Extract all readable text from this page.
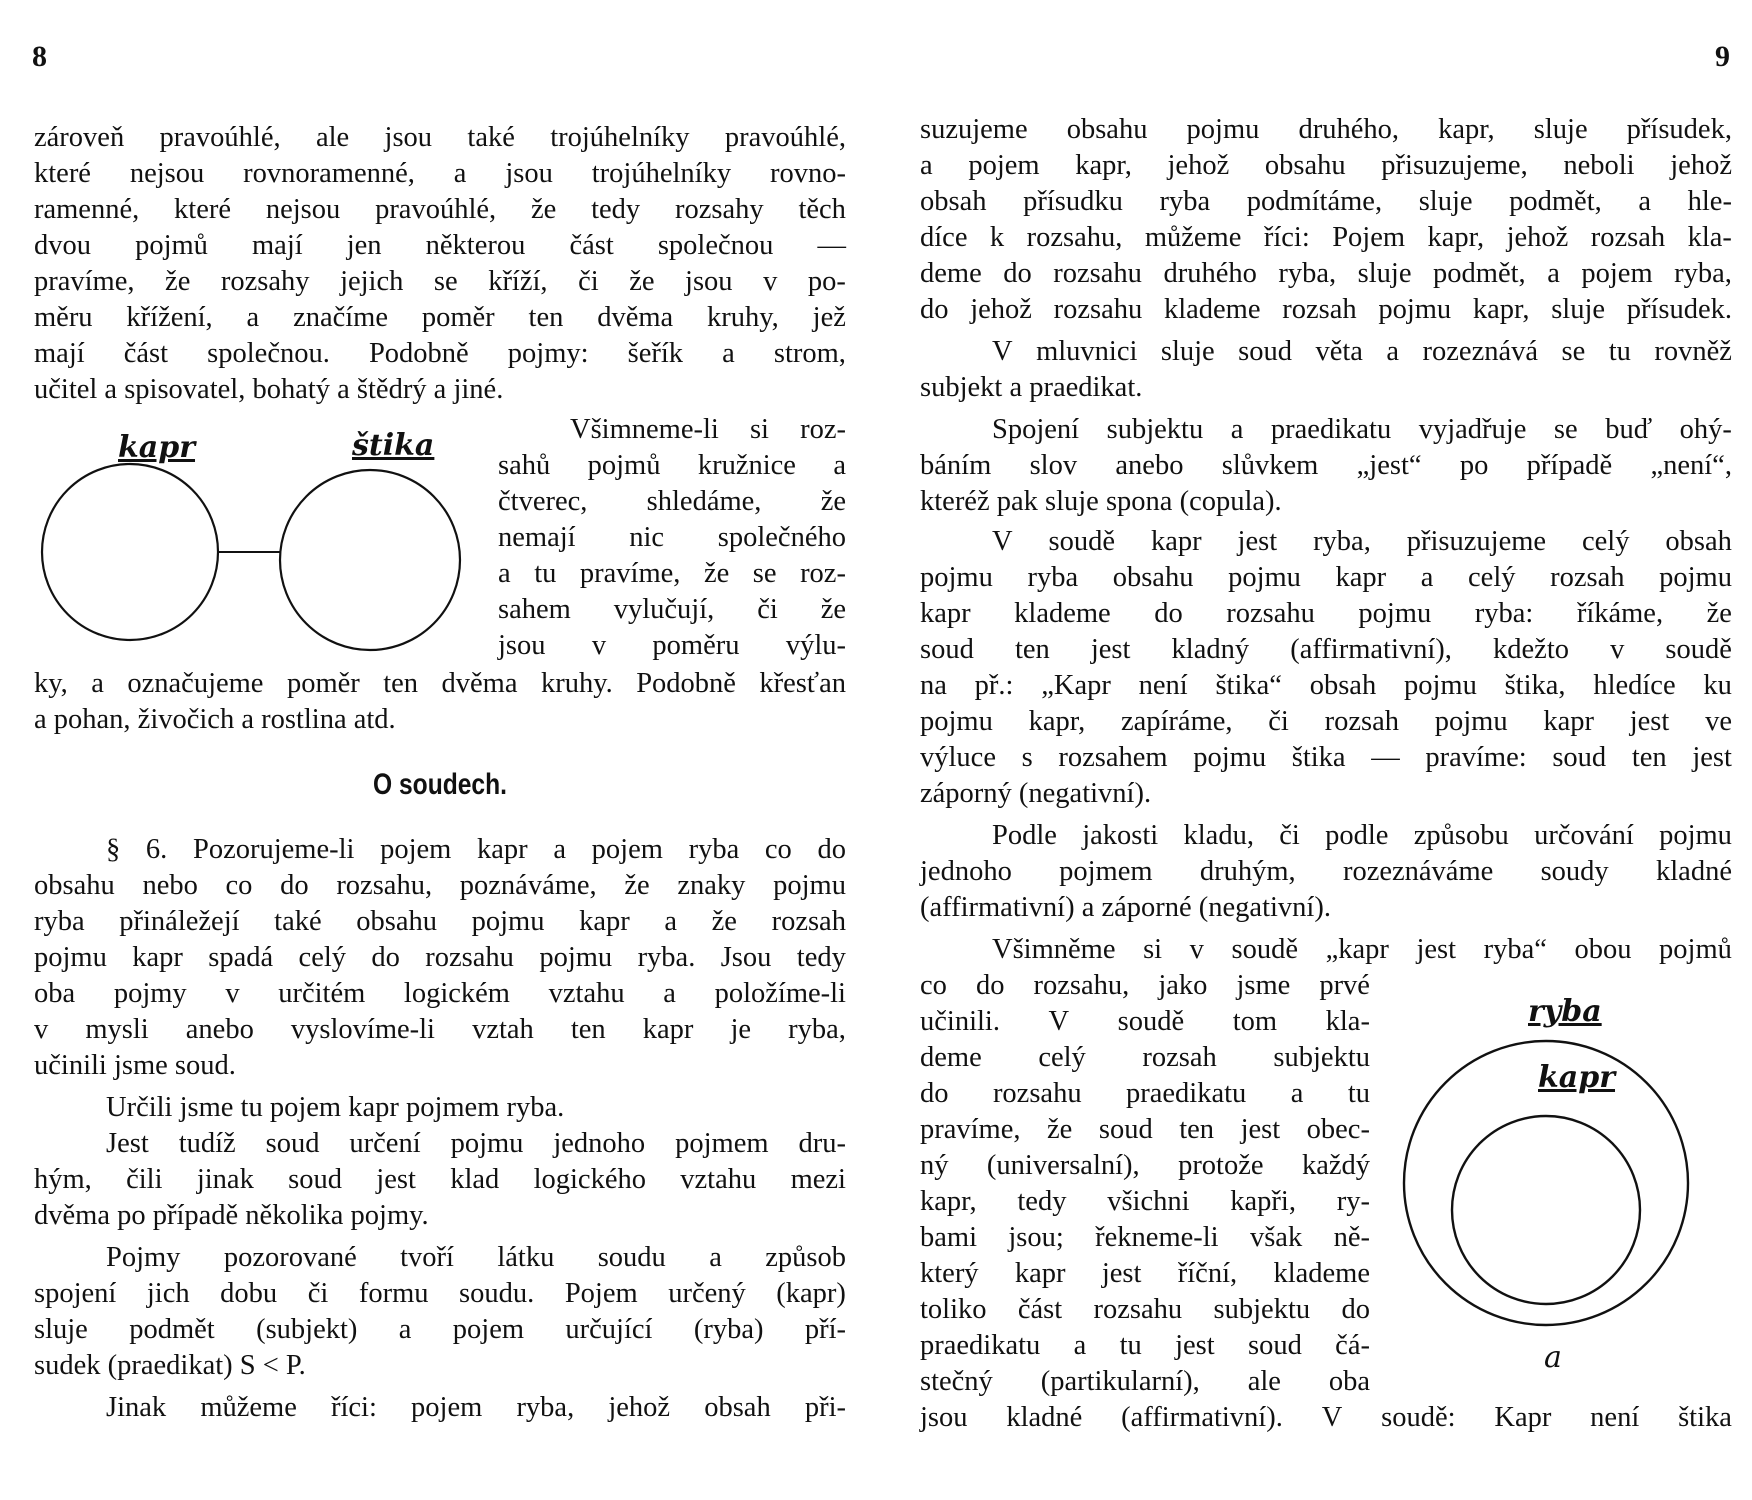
8
zároveň pravoúhlé, ale jsou také trojúhelníky pravoúhlé,
které nejsou rovnoramenné, a jsou trojúhelníky rovno-
ramenné, které nejsou pravoúhlé, že tedy rozsahy těch
dvou pojmů mají jen některou část společnou —
pravíme, že rozsahy jejich se kříží, či že jsou v po-
měru křížení, a značíme poměr ten dvěma kruhy, jež
mají část společnou. Podobně pojmy: šeřík a strom,
učitel a spisovatel, bohatý a štědrý a jiné.
Všimneme-li si roz-
sahů pojmů kružnice a
čtverec, shledáme, že
nemají nic společného
a tu pravíme, že se roz-
sahem vylučují, či že
jsou v poměru výlu-
ky, a označujeme poměr ten dvěma kruhy. Podobně křesťan
a pohan, živočich a rostlina atd.
§ 6. Pozorujeme-li pojem kapr a pojem ryba co do
obsahu nebo co do rozsahu, poznáváme, že znaky pojmu
ryba přináležejí také obsahu pojmu kapr a že rozsah
pojmu kapr spadá celý do rozsahu pojmu ryba. Jsou tedy
oba pojmy v určitém logickém vztahu a položíme-li
v mysli anebo vyslovíme-li vztah ten kapr je ryba,
učinili jsme soud.
Určili jsme tu pojem kapr pojmem ryba.
Jest tudíž soud určení pojmu jednoho pojmem dru-
hým, čili jinak soud jest klad logického vztahu mezi
dvěma po případě několika pojmy.
Pojmy pozorované tvoří látku soudu a způsob
spojení jich dobu či formu soudu. Pojem určený (kapr)
sluje podmět (subjekt) a pojem určující (ryba) pří-
sudek (praedikat) S < P.
Jinak můžeme říci: pojem ryba, jehož obsah při-
kapr	štika
O soudech.
9
suzujeme obsahu pojmu druhého, kapr, sluje přísudek,
a pojem kapr, jehož obsahu přisuzujeme, neboli jehož
obsah přísudku ryba podmítáme, sluje podmět, a hle-
díce k rozsahu, můžeme říci: Pojem kapr, jehož rozsah kla-
deme do rozsahu druhého ryba, sluje podmět, a pojem ryba,
do jehož rozsahu klademe rozsah pojmu kapr, sluje přísudek.
V mluvnici sluje soud věta a rozeznává se tu rovněž
subjekt a praedikat.
Spojení subjektu a praedikatu vyjadřuje se buď ohý-
báním slov anebo slůvkem „jest“ po případě „není“,
kteréž pak sluje spona (copula).
V soudě kapr jest ryba, přisuzujeme celý obsah
pojmu ryba obsahu pojmu kapr a celý rozsah pojmu
kapr klademe do rozsahu pojmu ryba: říkáme, že
soud ten jest kladný (affirmativní), kdežto v soudě
na př.: „Kapr není štika“ obsah pojmu štika, hledíce ku
pojmu kapr, zapíráme, či rozsah pojmu kapr jest ve
výluce s rozsahem pojmu štika — pravíme: soud ten jest
záporný (negativní).
Podle jakosti kladu, či podle způsobu určování pojmu
jednoho pojmem druhým, rozeznáváme soudy kladné
(affirmativní) a záporné (negativní).
Všimněme si v soudě „kapr jest ryba“ obou pojmů
co do rozsahu, jako jsme prvé
učinili. V soudě tom kla-
deme celý rozsah subjektu
do rozsahu praedikatu a tu
pravíme, že soud ten jest obec-
ný (universalní), protože každý
kapr, tedy všichni kapři, ry-
bami jsou; řekneme-li však ně-
který kapr jest říční, klademe
toliko část rozsahu subjektu do
praedikatu a tu jest soud čá-
stečný (partikularní), ale oba
jsou kladné (affirmativní). V soudě: Kapr není štika
ryba
kapr
a
